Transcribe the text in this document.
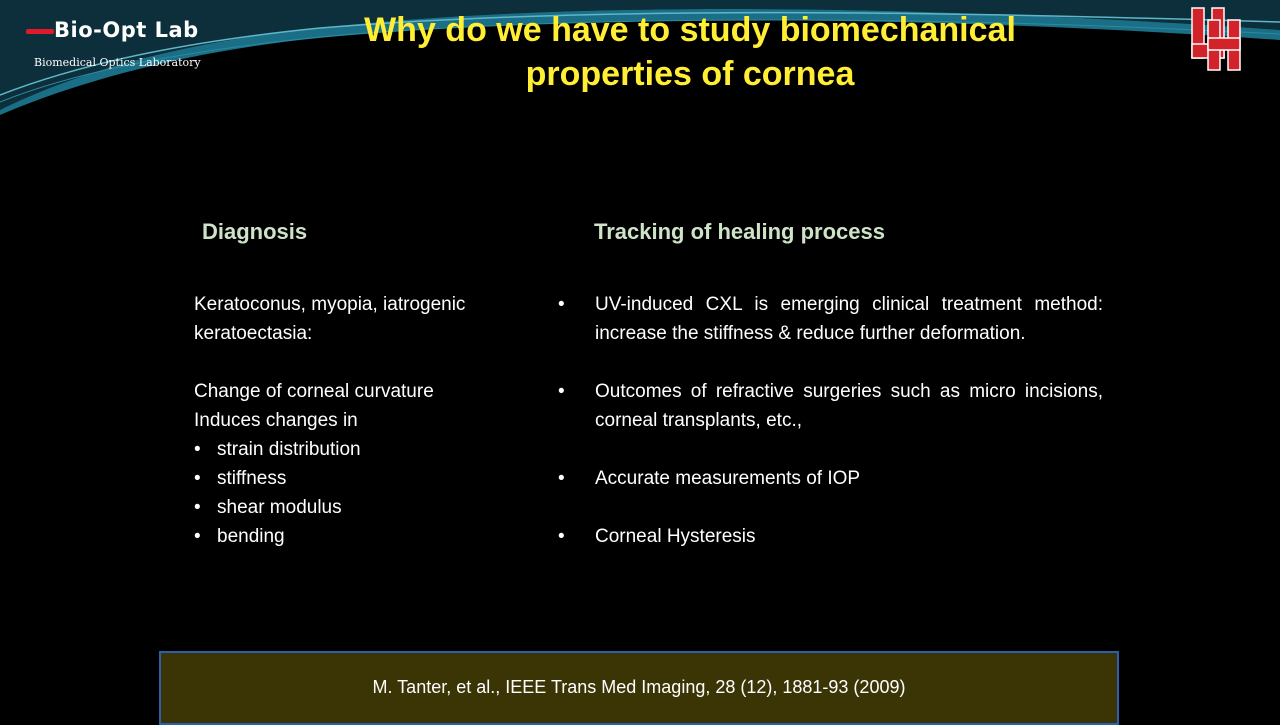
Bio-Opt Lab
Biomedical Optics Laboratory
Why do we have to study biomechanical properties of cornea
Diagnosis	Tracking of healing process

Keratoconus, myopia, iatrogenic keratoectasia:

Change of corneal curvature

Induces changes in

• strain distribution
• stiffness
• shear modulus
• bending
• UV-induced CXL is emerging clinical treatment method: increase the stiffness & reduce further deformation.
• Outcomes of refractive surgeries such as micro incisions, corneal transplants, etc.,
• Accurate measurements of IOP
• Corneal Hysteresis
M. Tanter, et al., IEEE Trans Med Imaging, 28 (12), 1881-93 (2009)
